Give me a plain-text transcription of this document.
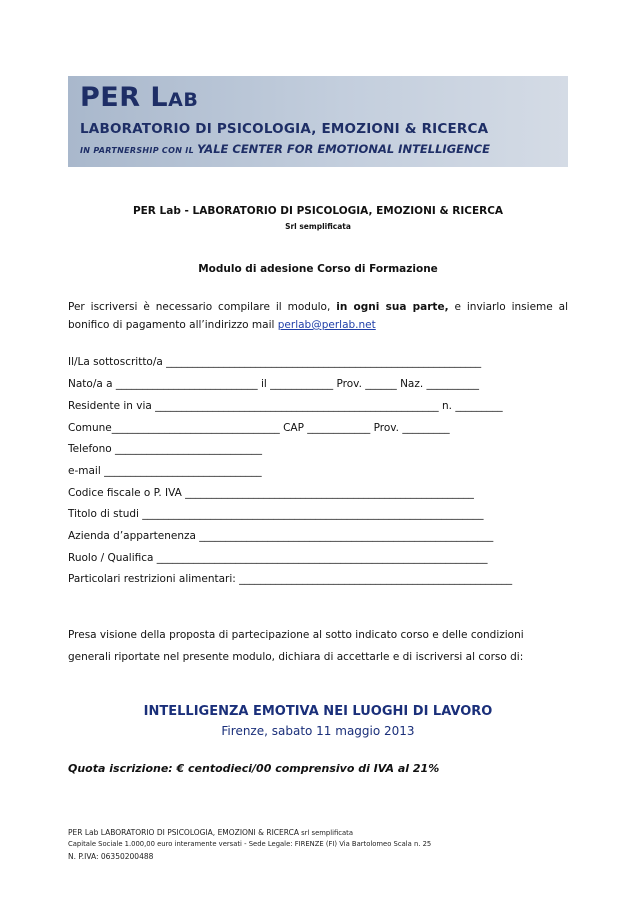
PER Lab
LABORATORIO DI PSICOLOGIA, EMOZIONI & RICERCA
IN PARTNERSHIP CON IL YALE CENTER FOR EMOTIONAL INTELLIGENCE
PER Lab - LABORATORIO DI PSICOLOGIA, EMOZIONI & RICERCA
Srl semplificata
Modulo di adesione Corso di Formazione
Per iscriversi è necessario compilare il modulo, in ogni sua parte, e inviarlo insieme al bonifico di pagamento all’indirizzo mail perlab@perlab.net
Il/La sottoscritto/a ____________________________________________________________
Nato/a a ___________________________ il ____________ Prov. ______ Naz. __________
Residente in via ______________________________________________________ n. _________
Comune________________________________ CAP ____________ Prov. _________
Telefono ____________________________
e-mail ______________________________
Codice fiscale o P. IVA _______________________________________________________
Titolo di studi _________________________________________________________________
Azienda d’appartenenza ________________________________________________________
Ruolo / Qualifica _______________________________________________________________
Particolari restrizioni alimentari: ____________________________________________________
Presa visione della proposta di partecipazione al sotto indicato corso e delle condizioni generali riportate nel presente modulo, dichiara di accettarle e di iscriversi al corso di:
INTELLIGENZA EMOTIVA NEI LUOGHI DI LAVORO
Firenze, sabato 11 maggio 2013
Quota iscrizione: € centodieci/00 comprensivo di IVA al 21%
PER Lab LABORATORIO DI PSICOLOGIA, EMOZIONI & RICERCA srl semplificata
Capitale Sociale 1.000,00 euro interamente versati - Sede Legale: FIRENZE (FI) Via Bartolomeo Scala n. 25
N. P.IVA: 06350200488
